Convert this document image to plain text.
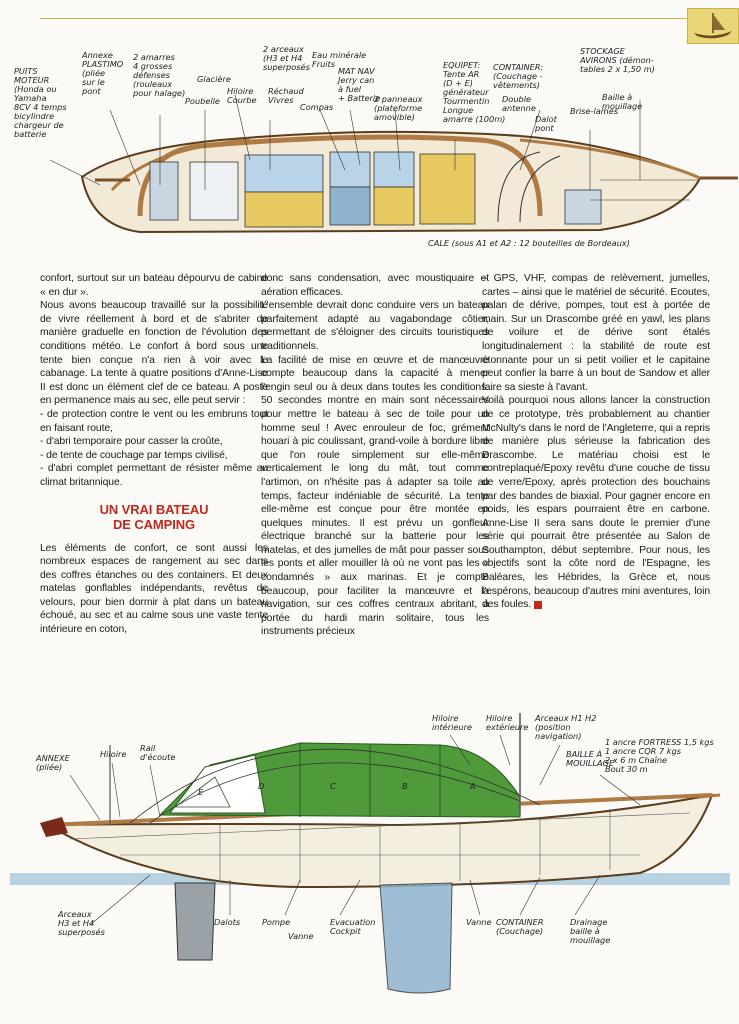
PUITS MOTEUR (Honda ou Yamaha 8CV 4 temps bicylindre chargeur de batterie
Annexe PLASTIMO (pliée sur le pont
2 amarres 4 grosses défenses (rouleaux pour halage)
Poubelle
Glacière
Hiloire Courbe
2 arceaux (H3 et H4 superposés
Réchaud Vivres
Compas
Eau minérale Fruits
MAT NAV Jerry can à fuel + Batterie
2 panneaux (plateforme amovible)
EQUIPET: Tente AR (D + E) générateur Tourmentin Longue amarre (100m)
CONTAINER: (Couchage -vêtements)
Double antenne
Dalot pont
STOCKAGE AVIRONS (démon-tables 2 x 1,50 m)
Brise-lames
Baille à mouillage
CALE (sous A1 et A2 : 12 bouteilles de Bordeaux)

confort, surtout sur un bateau dépourvu de cabine « en dur ».

Nous avons beaucoup travaillé sur la possibilité de vivre réellement à bord et de s'abriter de manière graduelle en fonction de l'évolution des conditions météo. Le confort à bord sous une tente bien conçue n'a rien à voir avec le cabanage. La tente à quatre positions d'Anne-Lise II est donc un élément clef de ce bateau. A poste en permanence mais au sec, elle peut servir :

- de protection contre le vent ou les embruns tout en faisant route,

- d'abri temporaire pour casser la croûte,

- de tente de couchage par temps civilisé,

- d'abri complet permettant de résister même au climat britannique.

UN VRAI BATEAU
DE CAMPING

Les éléments de confort, ce sont aussi les nombreux espaces de rangement au sec dans des coffres étanches ou des containers. Et deux matelas gonflables indépendants, revêtus de velours, pour bien dormir à plat dans un bateau échoué, au sec et au calme sous une vaste tente intérieure en coton,

donc sans condensation, avec moustiquaire et aération efficaces.

L'ensemble devrait donc conduire vers un bateau parfaitement adapté au vagabondage côtier, permettant de s'éloigner des circuits touristiques traditionnels.

La facilité de mise en œuvre et de manœuvre compte beaucoup dans la capacité à mener l'engin seul ou à deux dans toutes les conditions. 50 secondes montre en main sont nécessaires pour mettre le bateau à sec de toile pour un homme seul ! Avec enrouleur de foc, grément houari à pic coulissant, grand-voile à bordure libre que l'on roule simplement sur elle-même verticalement le long du mât, tout comme l'artimon, on n'hésite pas à adapter sa toile au temps, facteur indéniable de sécurité. La tente elle-même est conçue pour être montée en quelques minutes. Il est prévu un gonfleur électrique branché sur la batterie pour les matelas, et des jumelles de mât pour passer sous les ponts et aller mouiller là où ne vont pas les « condamnés » aux marinas. Et je compte beaucoup, pour faciliter la manœuvre et la navigation, sur ces coffres centraux abritant, à portée du hardi marin solitaire, tous les instruments précieux

– GPS, VHF, compas de relèvement, jumelles, cartes – ainsi que le matériel de sécurité. Ecoutes, palan de dérive, pompes, tout est à portée de main. Sur un Drascombe gréé en yawl, les plans de voilure et de dérive sont étalés longitudinalement : la stabilité de route est étonnante pour un si petit voilier et le capitaine peut confier la barre à un bout de Sandow et aller faire sa sieste à l'avant.

Voilà pourquoi nous allons lancer la construction de ce prototype, très probablement au chantier McNulty's dans le nord de l'Angleterre, qui a repris de manière plus sérieuse la fabrication des Drascombe. Le matériau choisi est le contreplaqué/Epoxy revêtu d'une couche de tissu de verre/Epoxy, après protection des bouchains par des bandes de biaxial. Pour gagner encore en poids, les espars pourraient être en carbone. Anne-Lise II sera sans doute le premier d'une série qui pourrait être présentée au Salon de Southampton, début septembre. Pour nous, les objectifs sont la côte nord de l'Espagne, les Baléares, les Hébrides, la Grèce et, nous l'espérons, beaucoup d'autres mini aventures, loin des foules.

D
E
C	B	A
ANNEXE (pliée)
Hiloire
Rail d'écoute
Hiloire intérieure
Hiloire extérieure
Arceaux H1 H2 (position navigation)
1 ancre FORTRESS 1,5 kgs 1 ancre CQR 7 kgs 2 x 6 m Chaîne Bout 30 m
BAILLE À MOUILLAGE
Arceaux H3 et H4 superposés
Dalots	Pompe
Vanne
Evacuation Cockpit
Vanne CONTAINER (Couchage)
Drainage baille à mouillage
